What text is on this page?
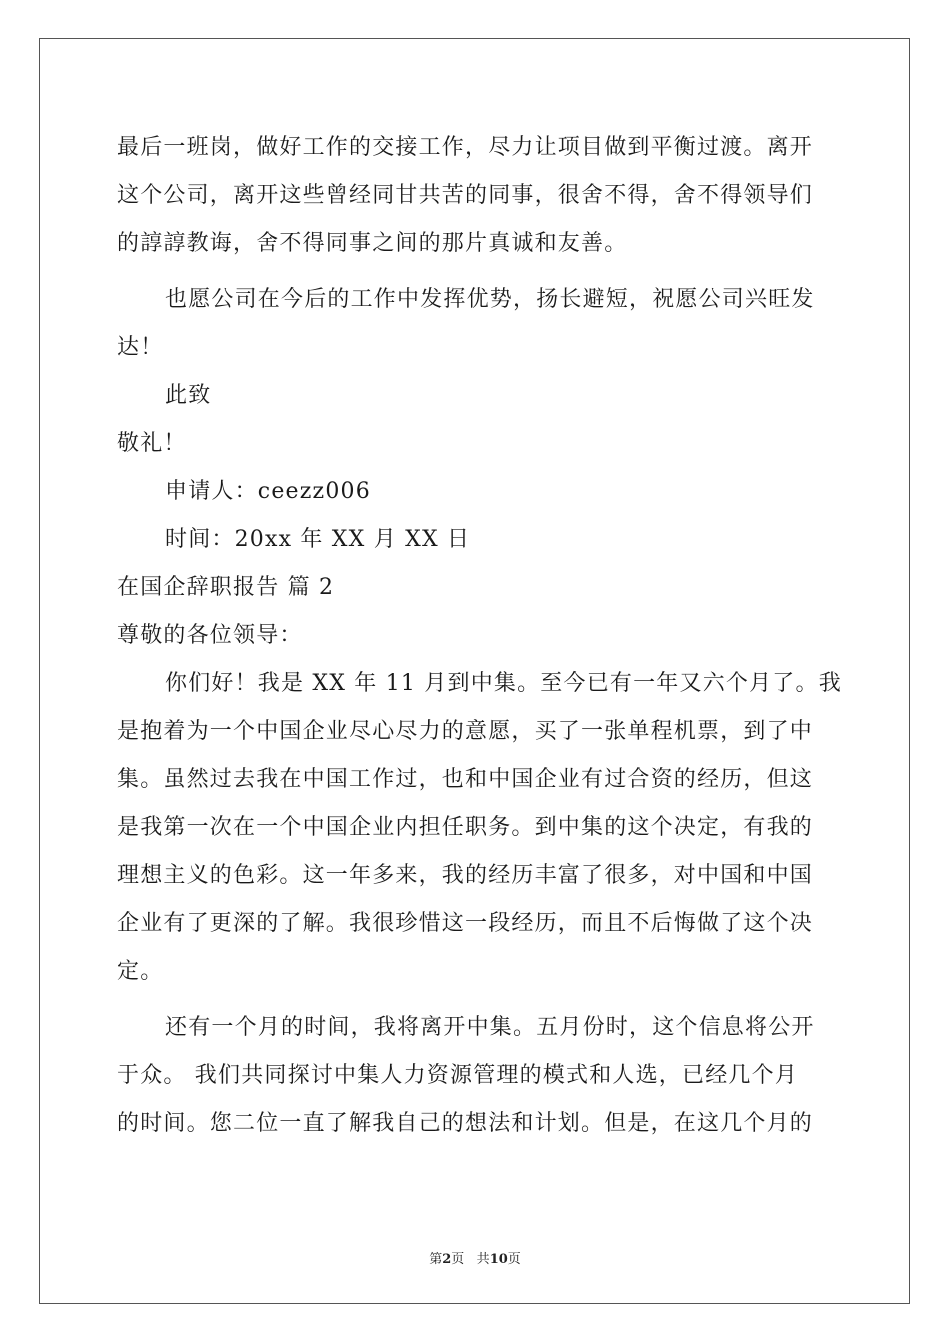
最后一班岗，做好工作的交接工作，尽力让项目做到平衡过渡。离开
这个公司，离开这些曾经同甘共苦的同事，很舍不得，舍不得领导们
的諄諄教诲，舍不得同事之间的那片真诚和友善。
也愿公司在今后的工作中发挥优势，扬长避短，祝愿公司兴旺发
达！
此致
敬礼！
申请人：ceezz006
时间：20xx 年 XX 月 XX 日
在国企辞职报告 篇 2
尊敬的各位领导：
你们好！我是 XX 年 11 月到中集。至今已有一年又六个月了。我
是抱着为一个中国企业尽心尽力的意愿，买了一张单程机票，到了中
集。虽然过去我在中国工作过，也和中国企业有过合资的经历，但这
是我第一次在一个中国企业内担任职务。到中集的这个决定，有我的
理想主义的色彩。这一年多来，我的经历丰富了很多，对中国和中国
企业有了更深的了解。我很珍惜这一段经历，而且不后悔做了这个决
定。
还有一个月的时间，我将离开中集。五月份时，这个信息将公开
于众。 我们共同探讨中集人力资源管理的模式和人选，已经几个月
的时间。您二位一直了解我自己的想法和计划。但是，在这几个月的
第2页 共10页
